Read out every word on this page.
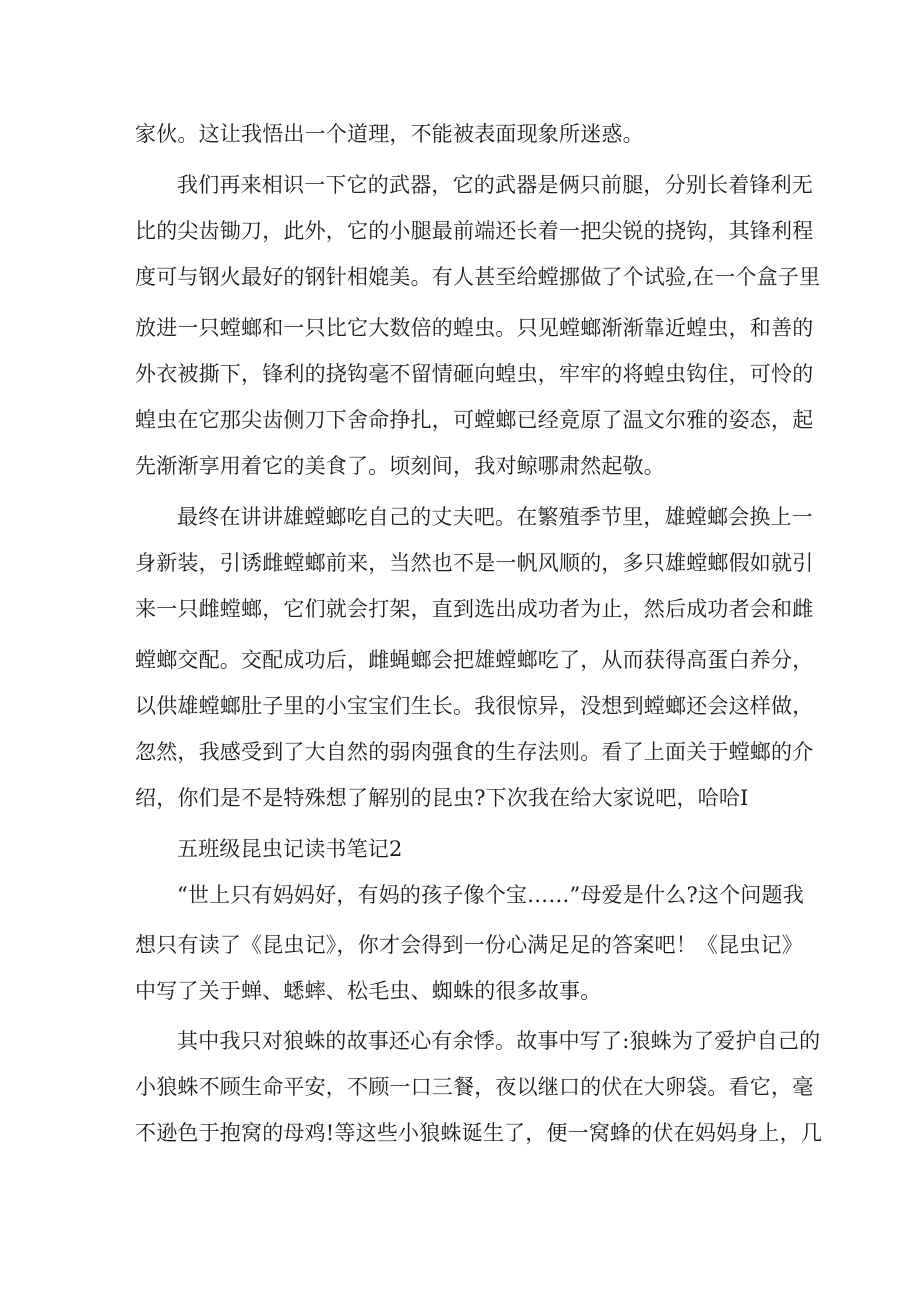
家伙。这让我悟出一个道理，不能被表面现象所迷惑。

我们再来相识一下它的武器，它的武器是俩只前腿，分别长着锋利无

比的尖齿锄刀，此外，它的小腿最前端还长着一把尖锐的挠钩，其锋利程

度可与钢火最好的钢针相媲美。有人甚至给螳挪做了个试验,在一个盒子里

放进一只螳螂和一只比它大数倍的蝗虫。只见螳螂渐渐靠近蝗虫，和善的

外衣被撕下，锋利的挠钩毫不留情砸向蝗虫，牢牢的将蝗虫钩住，可怜的

蝗虫在它那尖齿侧刀下舍命挣扎，可螳螂已经竟原了温文尔雅的姿态，起

先渐渐享用着它的美食了。顷刻间，我对鲸哪肃然起敬。

最终在讲讲雄螳螂吃自己的丈夫吧。在繁殖季节里，雄螳螂会换上一

身新装，引诱雌螳螂前来，当然也不是一帆风顺的，多只雄螳螂假如就引

来一只雌螳螂，它们就会打架，直到选出成功者为止，然后成功者会和雌

螳螂交配。交配成功后，雌蝇螂会把雄螳螂吃了，从而获得高蛋白养分，

以供雄螳螂肚子里的小宝宝们生长。我很惊异，没想到螳螂还会这样做，

忽然，我感受到了大自然的弱肉强食的生存法则。看了上面关于螳螂的介

绍，你们是不是特殊想了解别的昆虫?下次我在给大家说吧，哈哈I

五班级昆虫记读书笔记2

“世上只有妈妈好，有妈的孩子像个宝……”母爱是什么?这个问题我

想只有读了《昆虫记》，你才会得到一份心满足足的答案吧！《昆虫记》

中写了关于蝉、蟋蟀、松毛虫、蜘蛛的很多故事。

其中我只对狼蛛的故事还心有余悸。故事中写了:狼蛛为了爱护自己的

小狼蛛不顾生命平安，不顾一口三餐，夜以继口的伏在大卵袋。看它，毫

不逊色于抱窝的母鸡!等这些小狼蛛诞生了，便一窝蜂的伏在妈妈身上，几
